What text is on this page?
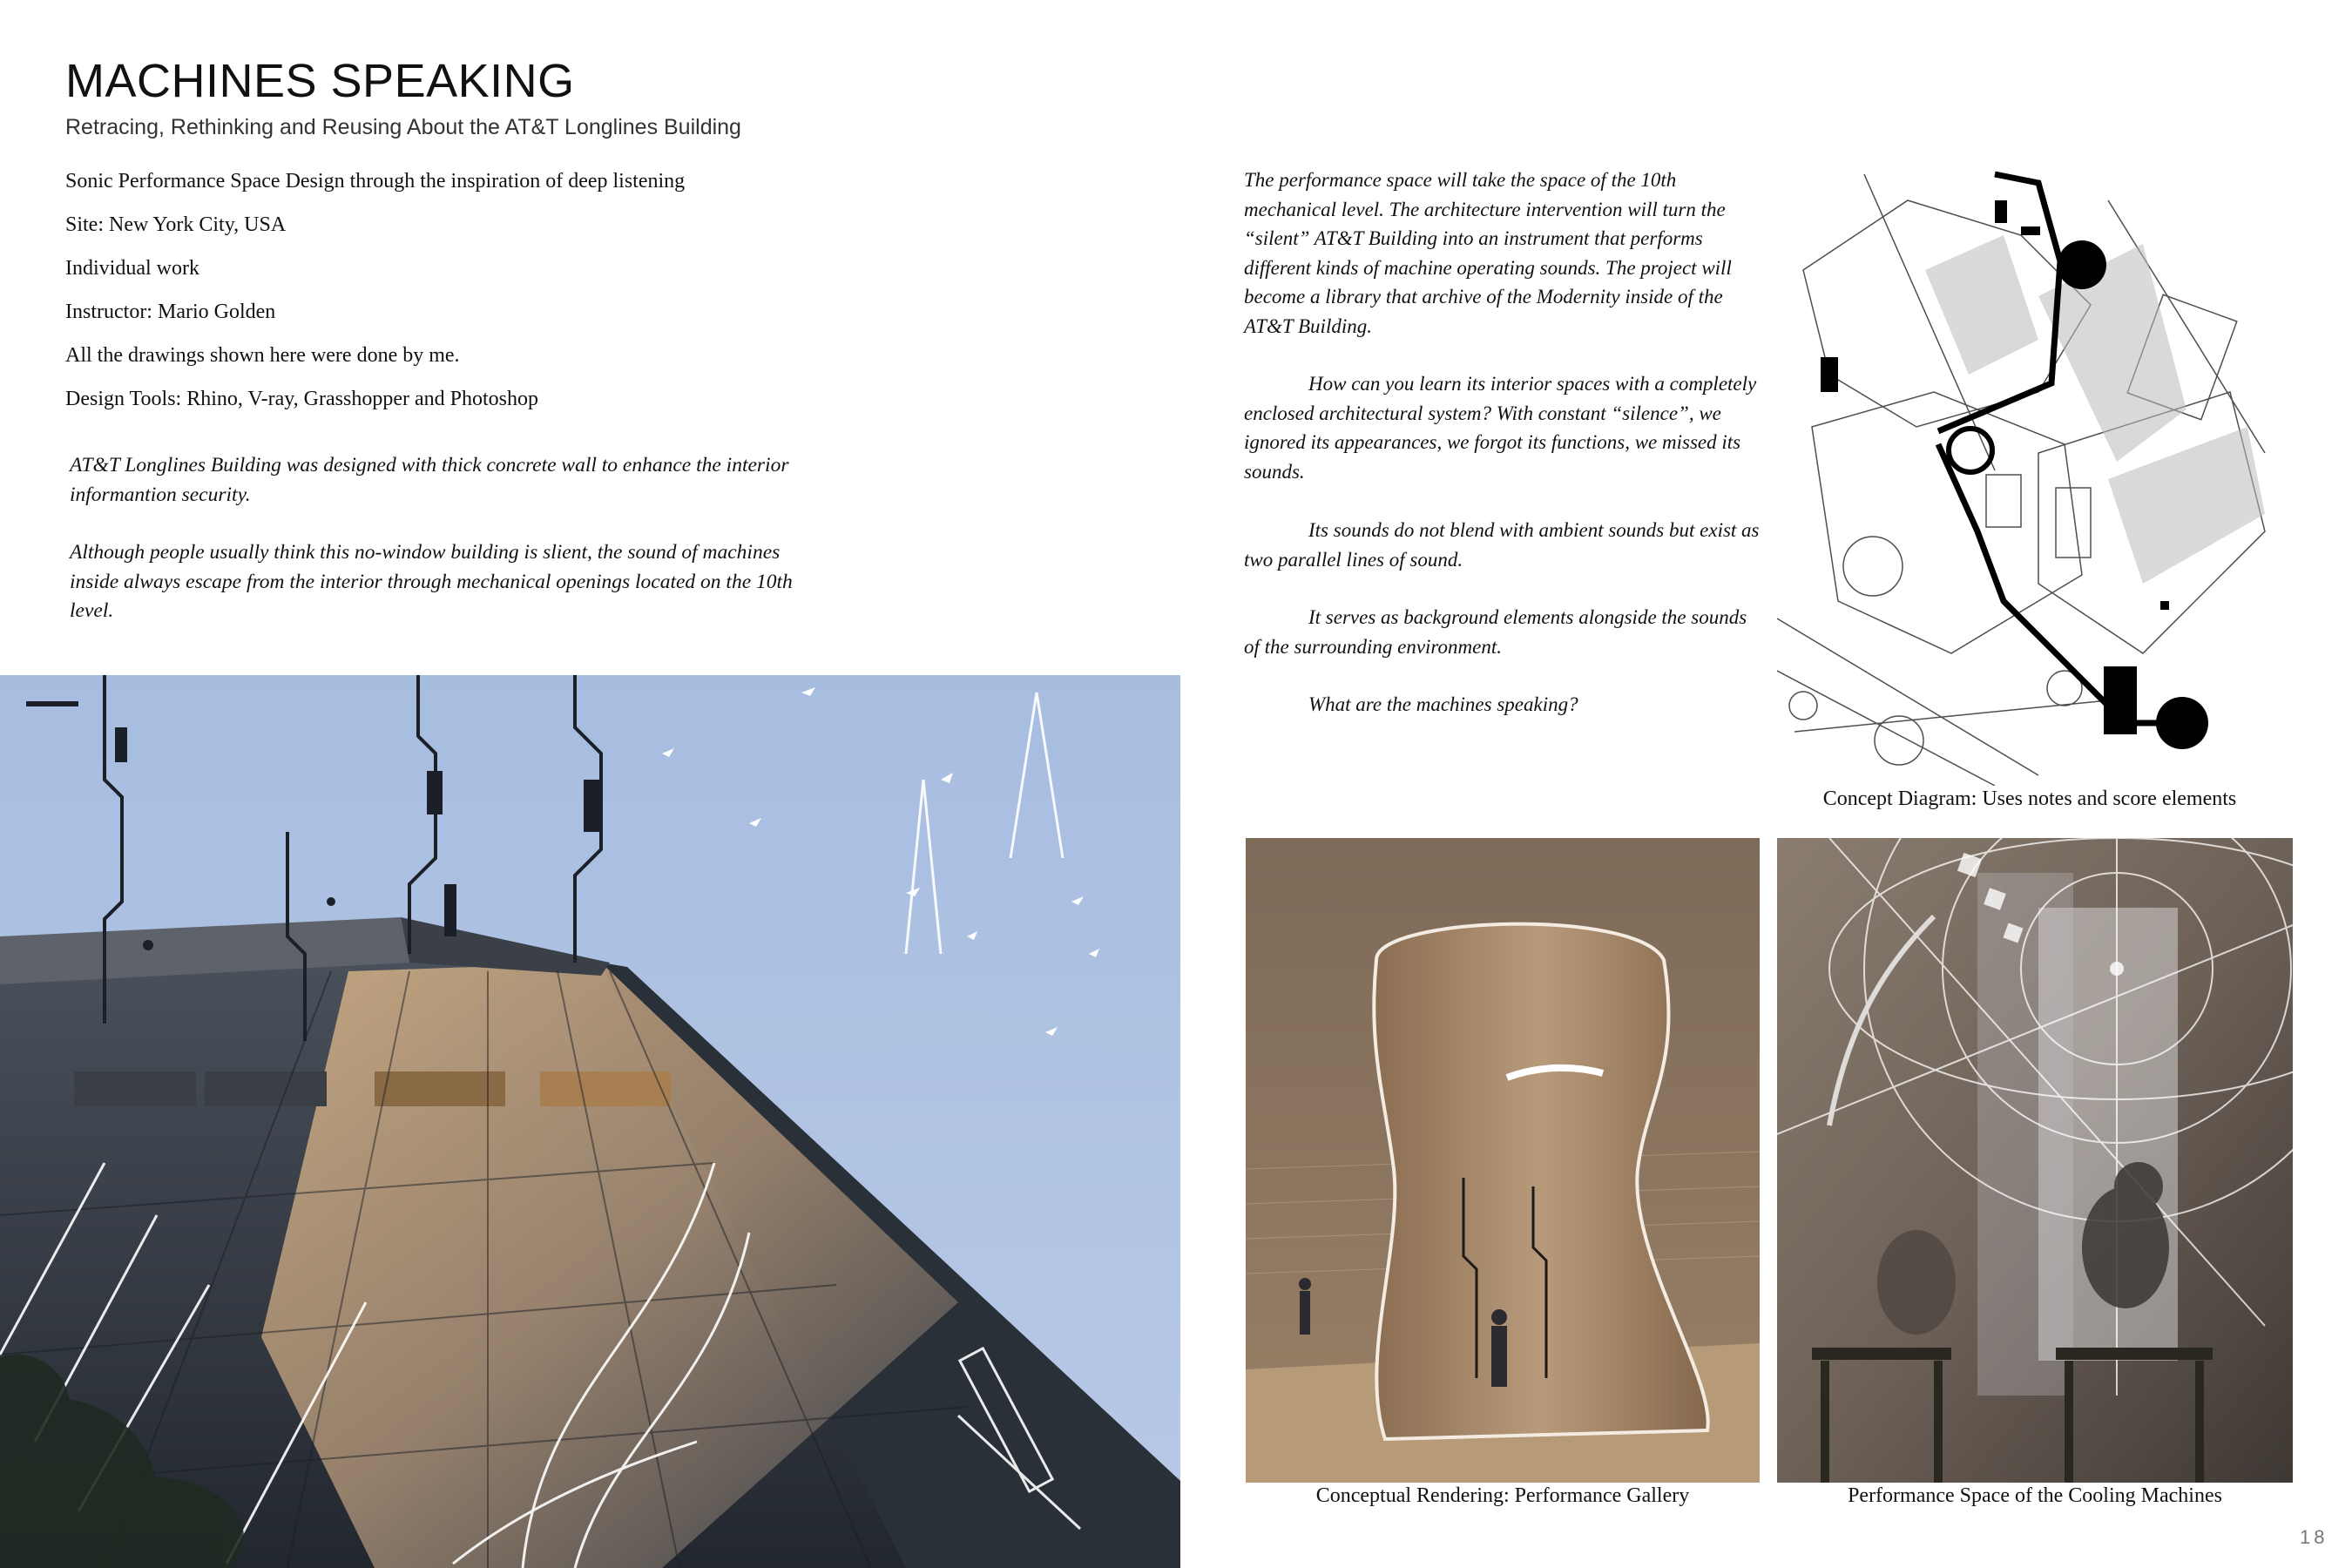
MACHINES SPEAKING
Retracing, Rethinking and Reusing About the AT&T Longlines Building
Sonic Performance Space Design through the inspiration of deep listening
Site: New York City, USA
Individual work
Instructor: Mario Golden
All the drawings shown here were done by me.
Design Tools: Rhino, V-ray, Grasshopper and Photoshop

AT&T Longlines Building was designed with thick concrete wall to enhance the interior informantion security.

Although people usually think this no-window building is slient, the sound of machines inside always escape from the interior through mechanical openings located on the 10th level.

The performance space will take the space of the 10th mechanical level. The architecture intervention will turn the “silent” AT&T Building into an instrument that performs different kinds of machine operating sounds. The project will become a library that archive of the Modernity inside of the AT&T Building.

How can you learn its interior spaces with a completely enclosed architectural system? With constant “silence”, we ignored its appearances, we forgot its functions, we missed its sounds.

Its sounds do not blend with ambient sounds but exist as two parallel lines of sound.

It serves as background elements alongside the sounds of the surrounding environment.

What are the machines speaking?

Concept Diagram: Uses notes and score elements
Conceptual Rendering: Performance Gallery	Performance Space of the Cooling Machines
18
